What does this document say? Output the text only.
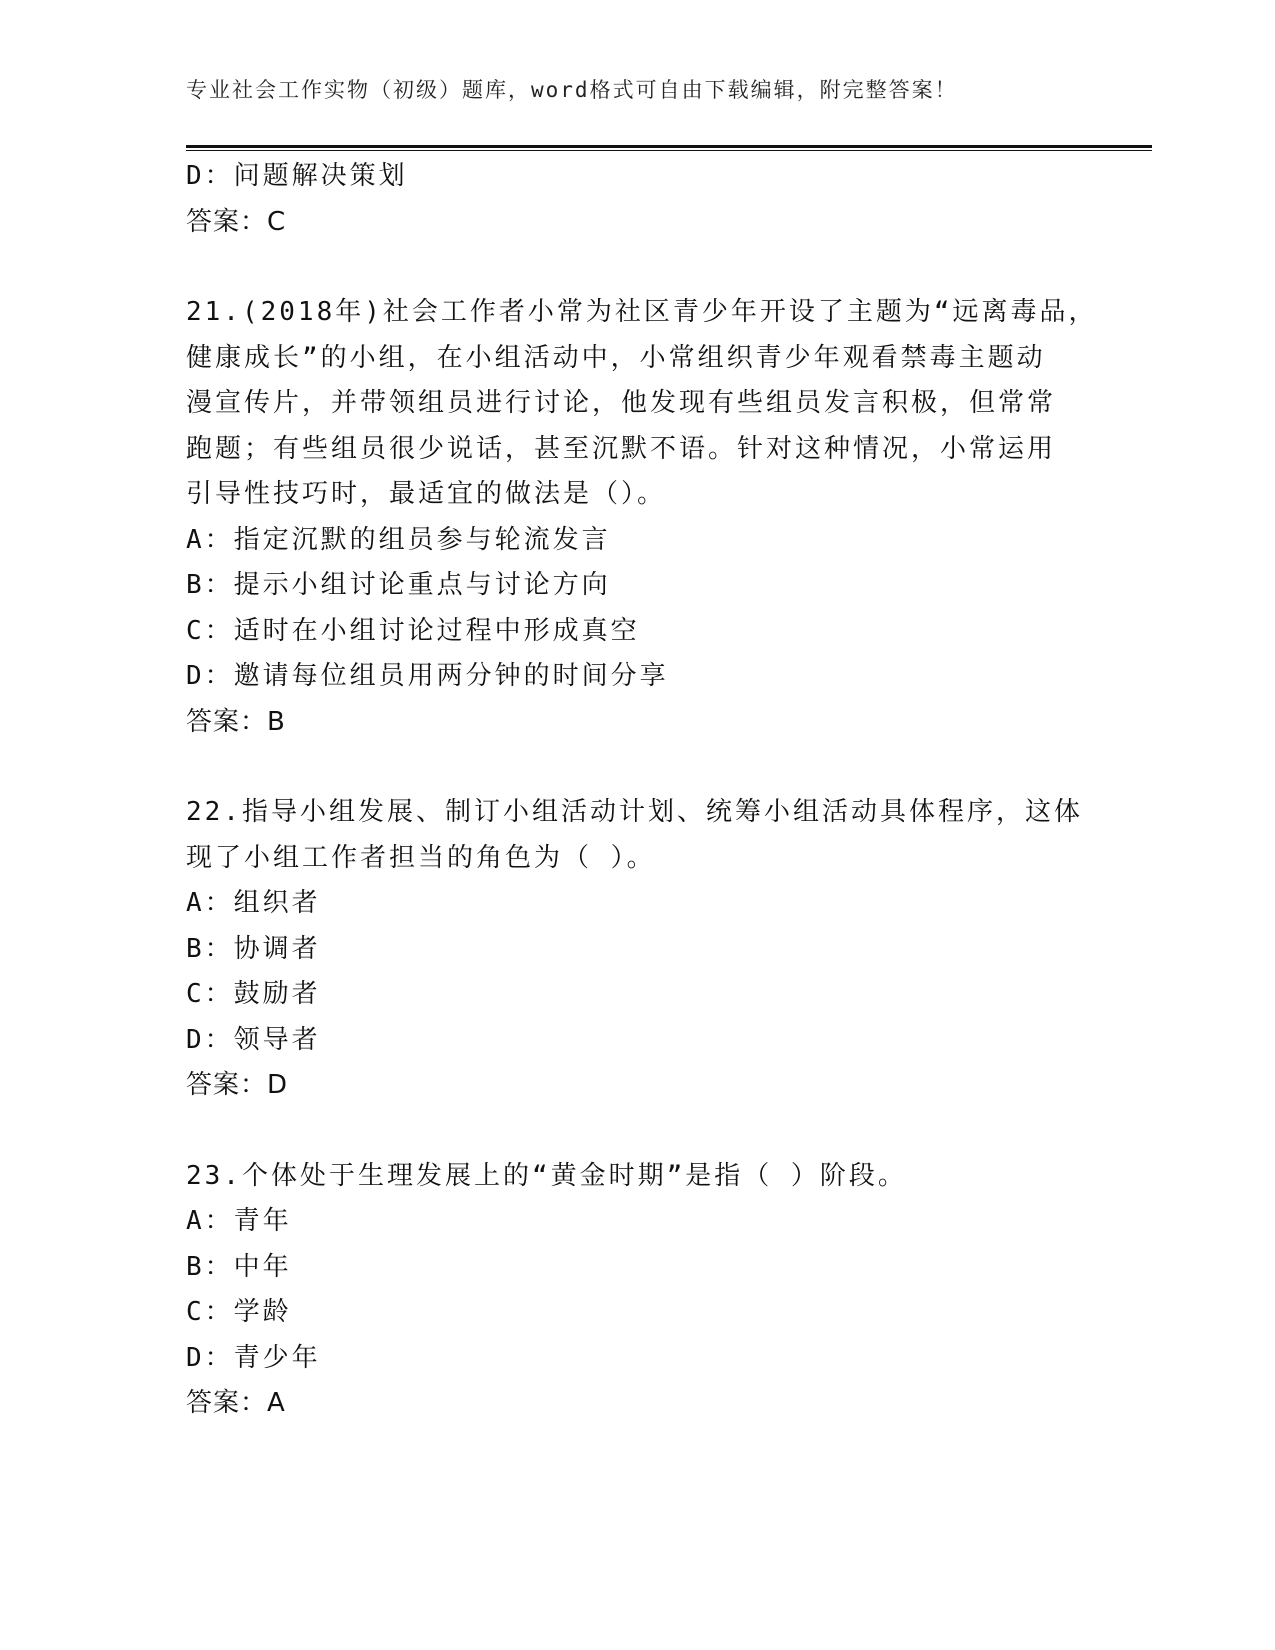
专业社会工作实物（初级）题库，word格式可自由下载编辑，附完整答案！
D：问题解决策划
答案：C
21.(2018年)社会工作者小常为社区青少年开设了主题为“远离毒品，
健康成长”的小组，在小组活动中，小常组织青少年观看禁毒主题动
漫宣传片，并带领组员进行讨论，他发现有些组员发言积极，但常常
跑题；有些组员很少说话，甚至沉默不语。针对这种情况，小常运用
引导性技巧时，最适宜的做法是（）。
A：指定沉默的组员参与轮流发言
B：提示小组讨论重点与讨论方向
C：适时在小组讨论过程中形成真空
D：邀请每位组员用两分钟的时间分享
答案：B
22.指导小组发展、制订小组活动计划、统筹小组活动具体程序，这体
现了小组工作者担当的角色为（ ）。
A：组织者
B：协调者
C：鼓励者
D：领导者
答案：D
23.个体处于生理发展上的“黄金时期”是指（ ）阶段。
A：青年
B：中年
C：学龄
D：青少年
答案：A
